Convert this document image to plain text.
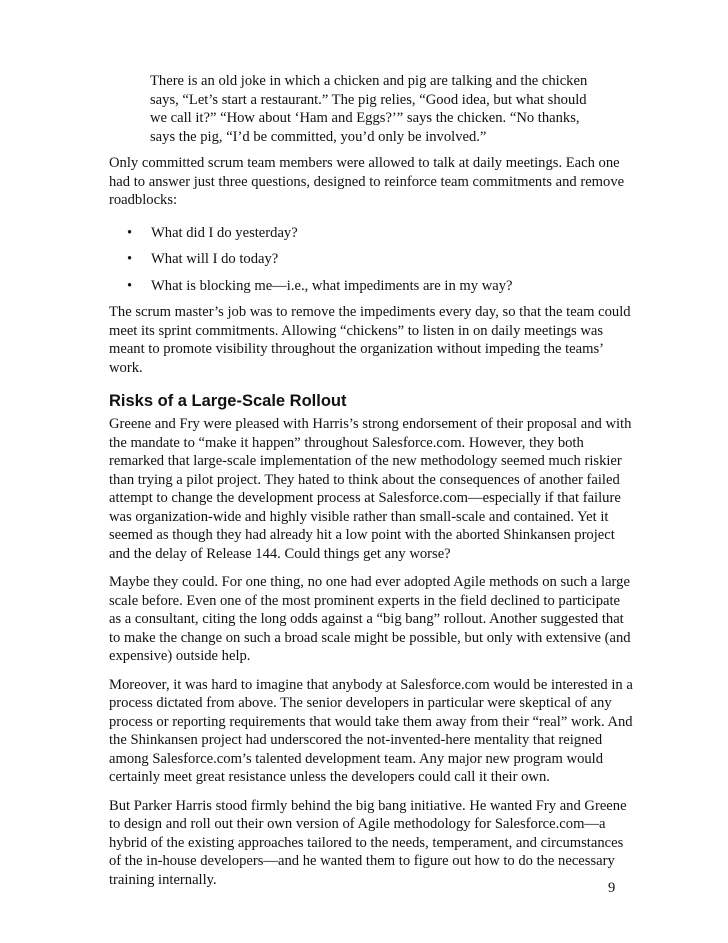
There is an old joke in which a chicken and pig are talking and the chicken says, “Let’s start a restaurant.” The pig relies, “Good idea, but what should we call it?” “How about ‘Ham and Eggs?’” says the chicken. “No thanks, says the pig, “I’d be committed, you’d only be involved.”

Only committed scrum team members were allowed to talk at daily meetings. Each one had to answer just three questions, designed to reinforce team commitments and remove roadblocks:

• What did I do yesterday?
• What will I do today?
• What is blocking me—i.e., what impediments are in my way?

The scrum master’s job was to remove the impediments every day, so that the team could meet its sprint commitments. Allowing “chickens” to listen in on daily meetings was meant to promote visibility throughout the organization without impeding the teams’ work.

Risks of a Large-Scale Rollout

Greene and Fry were pleased with Harris’s strong endorsement of their proposal and with the mandate to “make it happen” throughout Salesforce.com. However, they both remarked that large-scale implementation of the new methodology seemed much riskier than trying a pilot project. They hated to think about the consequences of another failed attempt to change the development process at Salesforce.com—especially if that failure was organization-wide and highly visible rather than small-scale and contained. Yet it seemed as though they had already hit a low point with the aborted Shinkansen project and the delay of Release 144. Could things get any worse?

Maybe they could. For one thing, no one had ever adopted Agile methods on such a large scale before. Even one of the most prominent experts in the field declined to participate as a consultant, citing the long odds against a “big bang” rollout. Another suggested that to make the change on such a broad scale might be possible, but only with extensive (and expensive) outside help.

Moreover, it was hard to imagine that anybody at Salesforce.com would be interested in a process dictated from above. The senior developers in particular were skeptical of any process or reporting requirements that would take them away from their “real” work. And the Shinkansen project had underscored the not-invented-here mentality that reigned among Salesforce.com’s talented development team. Any major new program would certainly meet great resistance unless the developers could call it their own.

But Parker Harris stood firmly behind the big bang initiative. He wanted Fry and Greene to design and roll out their own version of Agile methodology for Salesforce.com—a hybrid of the existing approaches tailored to the needs, temperament, and circumstances of the in-house developers—and he wanted them to figure out how to do the necessary training internally.

9
